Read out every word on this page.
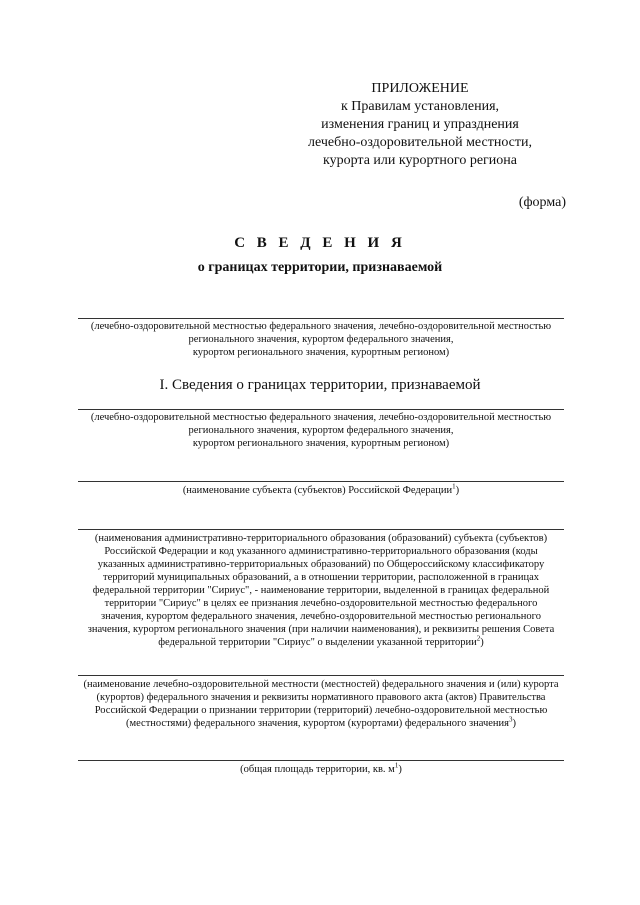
ПРИЛОЖЕНИЕ
к Правилам установления,
изменения границ и упразднения
лечебно-оздоровительной местности,
курорта или курортного региона
(форма)
С В Е Д Е Н И Я
о границах территории, признаваемой
(лечебно-оздоровительной местностью федерального значения, лечебно-оздоровительной местностью
регионального значения, курортом федерального значения,
курортом регионального значения, курортным регионом)
I. Сведения о границах территории, признаваемой
(лечебно-оздоровительной местностью федерального значения, лечебно-оздоровительной местностью
регионального значения, курортом федерального значения,
курортом регионального значения, курортным регионом)
(наименование субъекта (субъектов) Российской Федерации$^1$)
(наименования административно-территориального образования (образований) субъекта (субъектов)
Российской Федерации и код указанного административно-территориального образования (коды
указанных административно-территориальных образований) по Общероссийскому классификатору
территорий муниципальных образований, а в отношении территории, расположенной в границах
федеральной территории "Сириус", - наименование территории, выделенной в границах федеральной
территории "Сириус" в целях ее признания лечебно-оздоровительной местностью федерального
значения, курортом федерального значения, лечебно-оздоровительной местностью регионального
значения, курортом регионального значения (при наличии наименования), и реквизиты решения Совета
федеральной территории "Сириус" о выделении указанной территории$^2$)
(наименование лечебно-оздоровительной местности (местностей) федерального значения и (или) курорта
(курортов) федерального значения и реквизиты нормативного правового акта (актов) Правительства
Российской Федерации о признании территории (территорий) лечебно-оздоровительной местностью
(местностями) федерального значения, курортом (курортами) федерального значения$^3$)
(общая площадь территории, кв. $м^1$)
